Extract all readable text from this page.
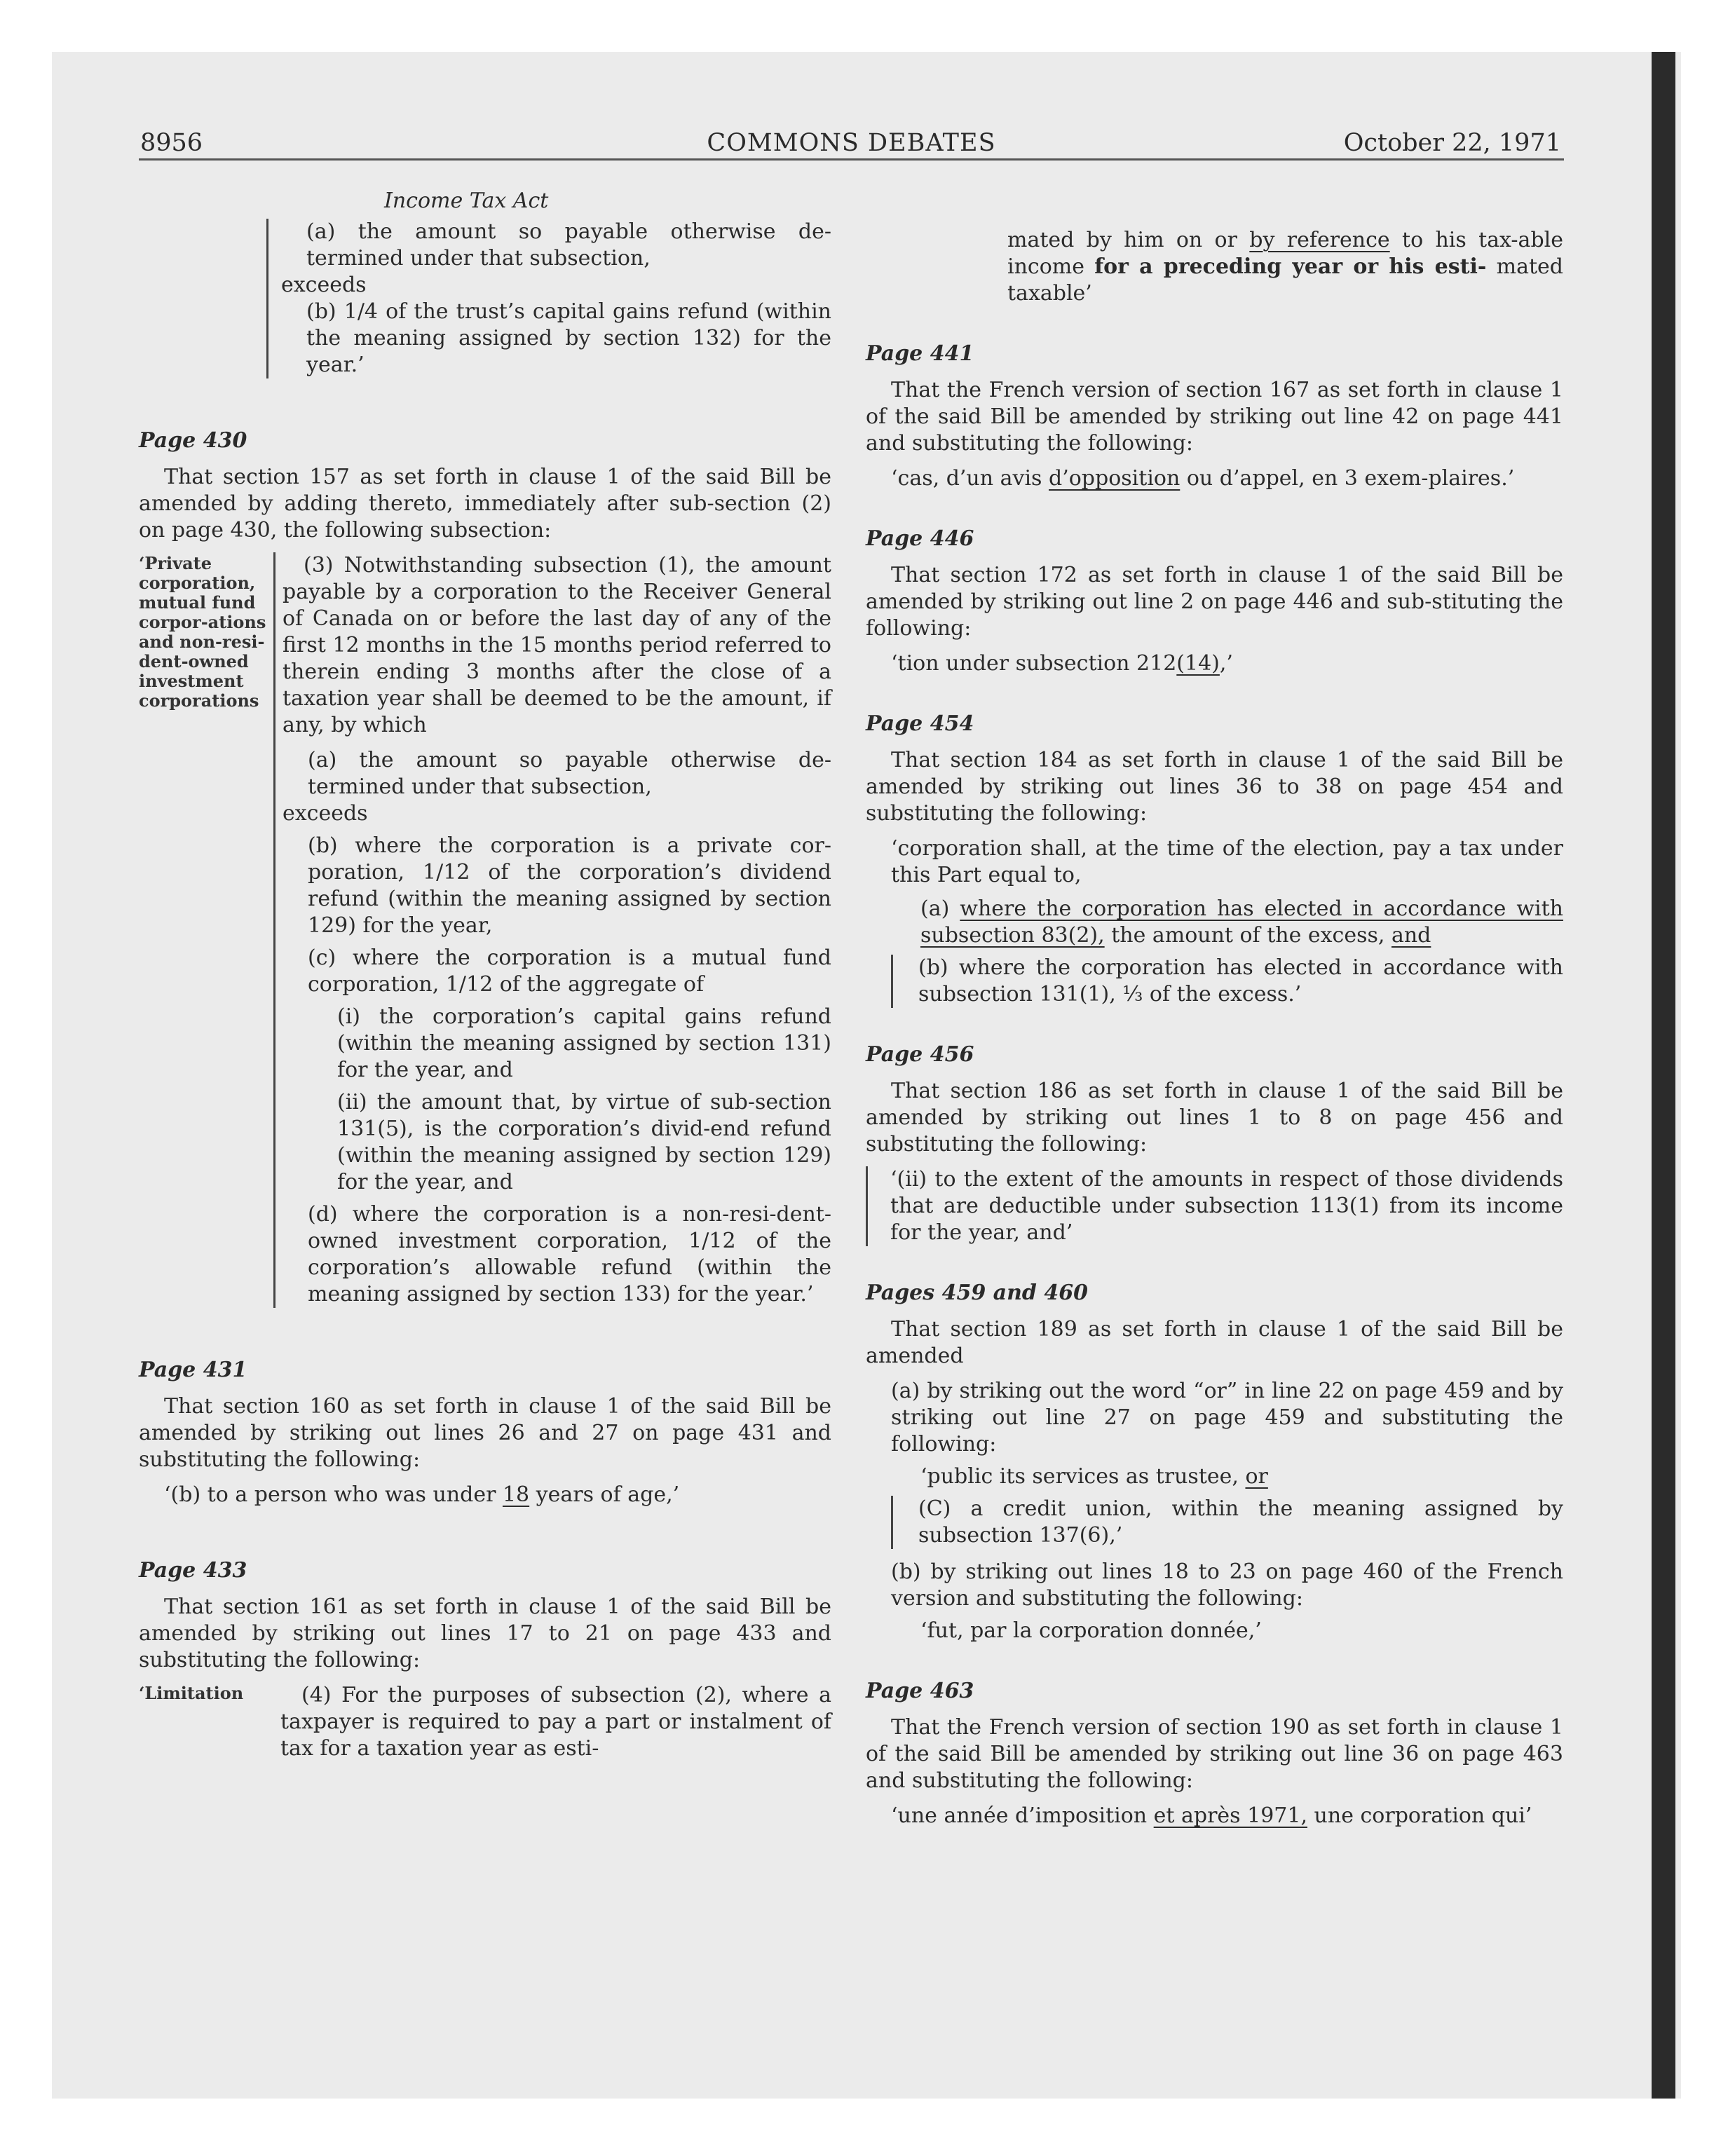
8956	COMMONS DEBATES	October 22, 1971

Income Tax Act

(a) the amount so payable otherwise de-termined under that subsection,

exceeds

(b) 1/4 of the trust’s capital gains refund (within the meaning assigned by section 132) for the year.’

Page 430

That section 157 as set forth in clause 1 of the said Bill be amended by adding thereto, immediately after sub-section (2) on page 430, the following subsection:

‘Private corporation, mutual fund corpor-ations and non-resi-dent-owned investment corporations

(3) Notwithstanding subsection (1), the amount payable by a corporation to the Receiver General of Canada on or before the last day of any of the first 12 months in the 15 months period referred to therein ending 3 months after the close of a taxation year shall be deemed to be the amount, if any, by which

(a) the amount so payable otherwise de-termined under that subsection,

exceeds

(b) where the corporation is a private cor-poration, 1/12 of the corporation’s dividend refund (within the meaning assigned by section 129) for the year,

(c) where the corporation is a mutual fund corporation, 1/12 of the aggregate of

(i) the corporation’s capital gains refund (within the meaning assigned by section 131) for the year, and

(ii) the amount that, by virtue of sub-section 131(5), is the corporation’s divid-end refund (within the meaning assigned by section 129) for the year, and

(d) where the corporation is a non-resi-dent-owned investment corporation, 1/12 of the corporation’s allowable refund (within the meaning assigned by section 133) for the year.’

Page 431

That section 160 as set forth in clause 1 of the said Bill be amended by striking out lines 26 and 27 on page 431 and substituting the following:

‘(b) to a person who was under 18 years of age,’

Page 433

That section 161 as set forth in clause 1 of the said Bill be amended by striking out lines 17 to 21 on page 433 and substituting the following:

‘Limitation	(4) For the purposes of subsection (2), where a taxpayer is required to pay a part or instalment of tax for a taxation year as esti-

mated by him on or by reference to his tax-able income for a preceding year or his esti- mated taxable’

Page 441

That the French version of section 167 as set forth in clause 1 of the said Bill be amended by striking out line 42 on page 441 and substituting the following:

‘cas, d’un avis d’opposition ou d’appel, en 3 exem-plaires.’

Page 446

That section 172 as set forth in clause 1 of the said Bill be amended by striking out line 2 on page 446 and sub-stituting the following:

‘tion under subsection 212(14),’

Page 454

That section 184 as set forth in clause 1 of the said Bill be amended by striking out lines 36 to 38 on page 454 and substituting the following:

‘corporation shall, at the time of the election, pay a tax under this Part equal to,

(a) where the corporation has elected in accordance with subsection 83(2), the amount of the excess, and

(b) where the corporation has elected in accordance with subsection 131(1), ⅓ of the excess.’

Page 456

That section 186 as set forth in clause 1 of the said Bill be amended by striking out lines 1 to 8 on page 456 and substituting the following:

‘(ii) to the extent of the amounts in respect of those dividends that are deductible under subsection 113(1) from its income for the year, and’

Pages 459 and 460

That section 189 as set forth in clause 1 of the said Bill be amended

(a) by striking out the word “or” in line 22 on page 459 and by striking out line 27 on page 459 and substituting the following:

‘public its services as trustee, or

(C) a credit union, within the meaning assigned by subsection 137(6),’

(b) by striking out lines 18 to 23 on page 460 of the French version and substituting the following:

‘fut, par la corporation donnée,’

Page 463

That the French version of section 190 as set forth in clause 1 of the said Bill be amended by striking out line 36 on page 463 and substituting the following:

‘une année d’imposition et après 1971, une corporation qui’
